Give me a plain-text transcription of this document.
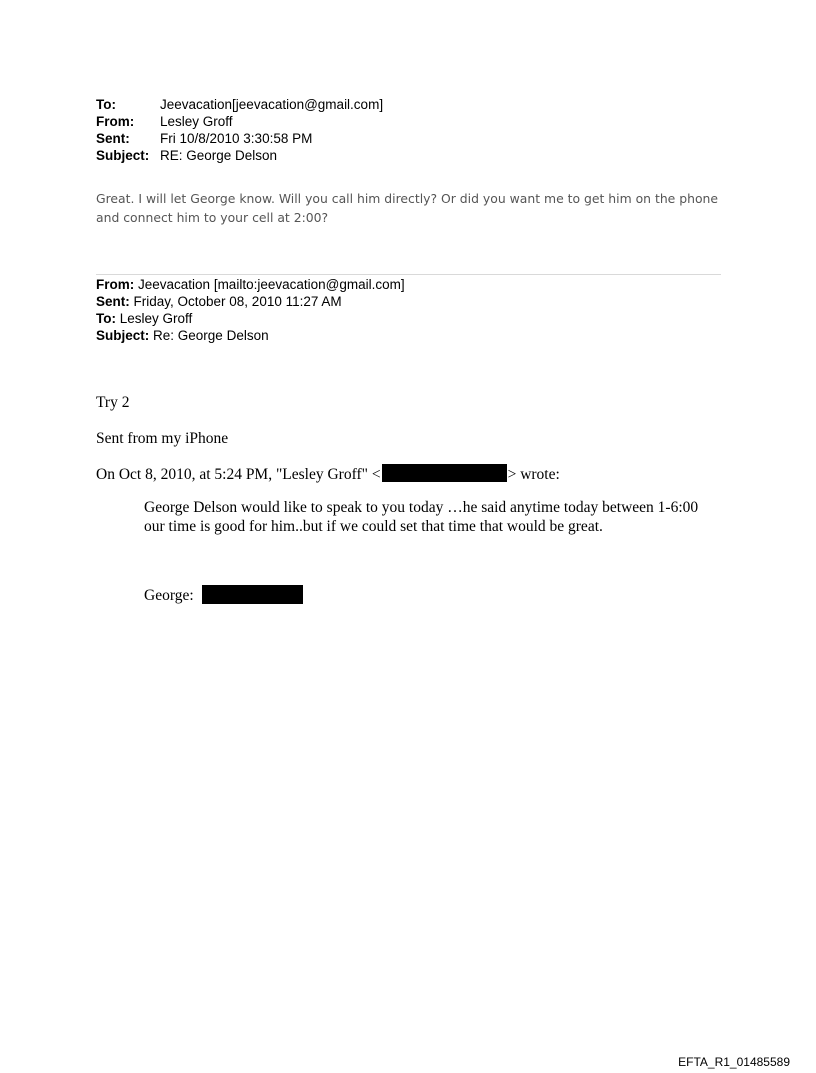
To:	Jeevacation[jeevacation@gmail.com]
From:	Lesley Groff
Sent:	Fri 10/8/2010 3:30:58 PM
Subject: RE: George Delson
Great. I will let George know. Will you call him directly? Or did you want me to get him on the phone and connect him to your cell at 2:00?
From: Jeevacation [mailto:jeevacation@gmail.com]
Sent: Friday, October 08, 2010 11:27 AM
To: Lesley Groff
Subject: Re: George Delson
Try 2
Sent from my iPhone
On Oct 8, 2010, at 5:24 PM, "Lesley Groff" <	> wrote:
George Delson would like to speak to you today …he said anytime today between 1-6:00 our time is good for him..but if we could set that time that would be great.
George:
EFTA_R1_01485589
